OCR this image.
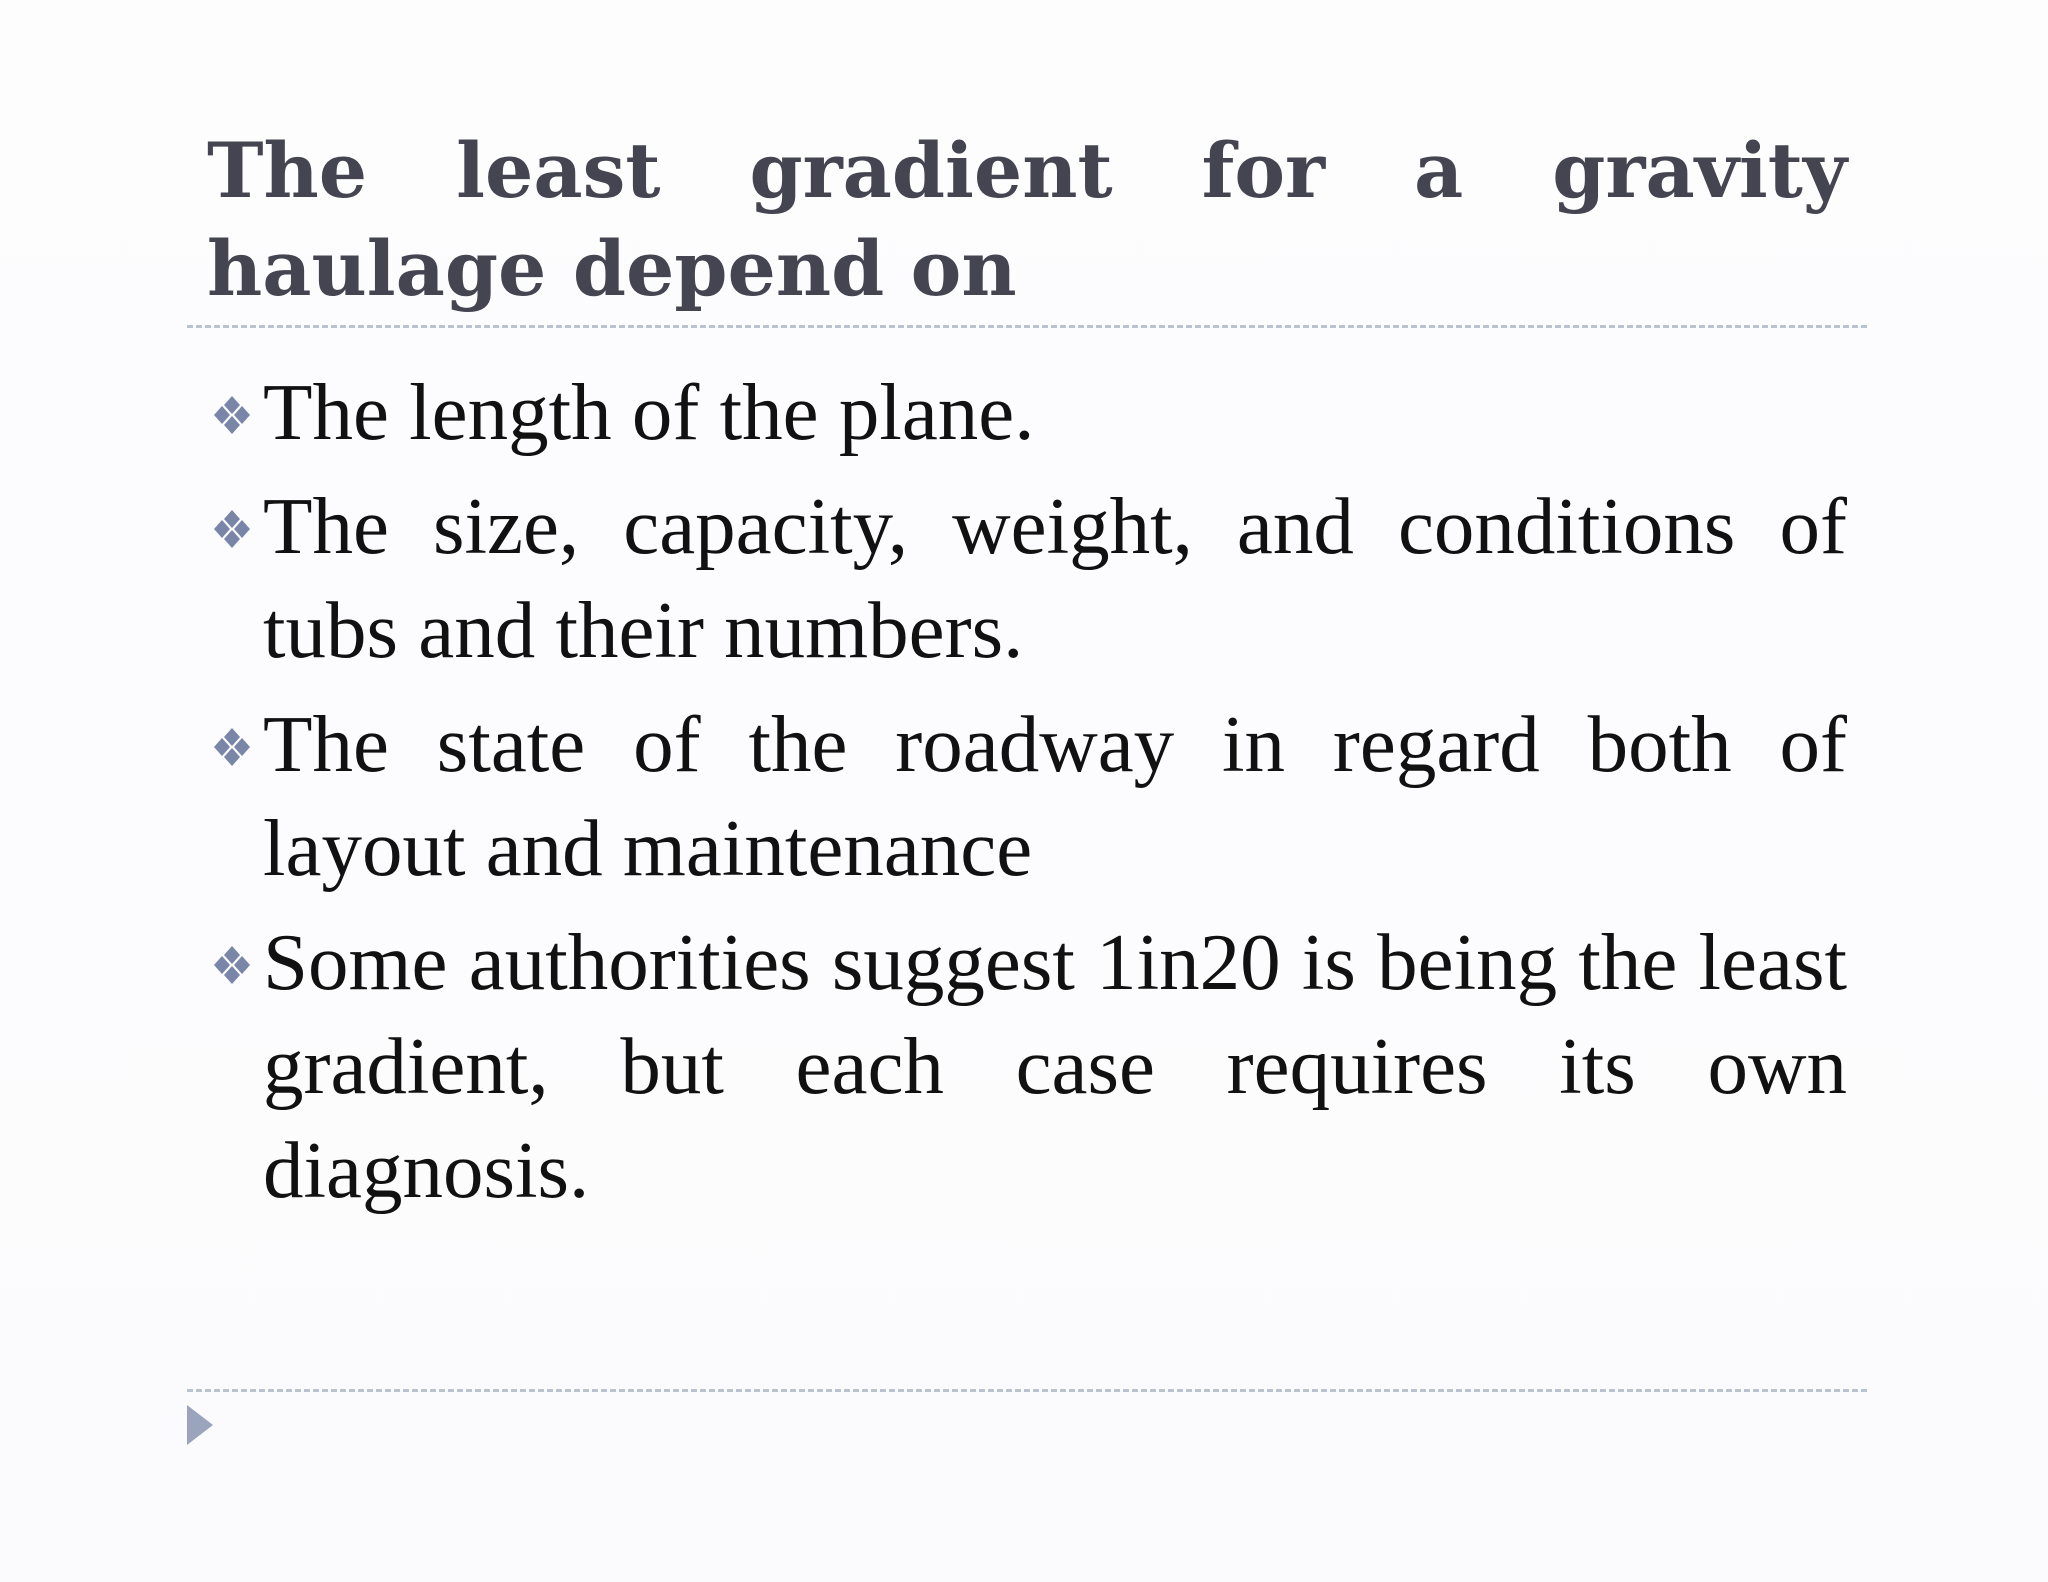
The least gradient for a gravity haulage depend on
The length of the plane.
The size, capacity, weight, and conditions of tubs and their numbers.
The state of the roadway in regard both of layout and maintenance
Some authorities suggest 1in20 is being the least gradient, but each case requires its own diagnosis.
